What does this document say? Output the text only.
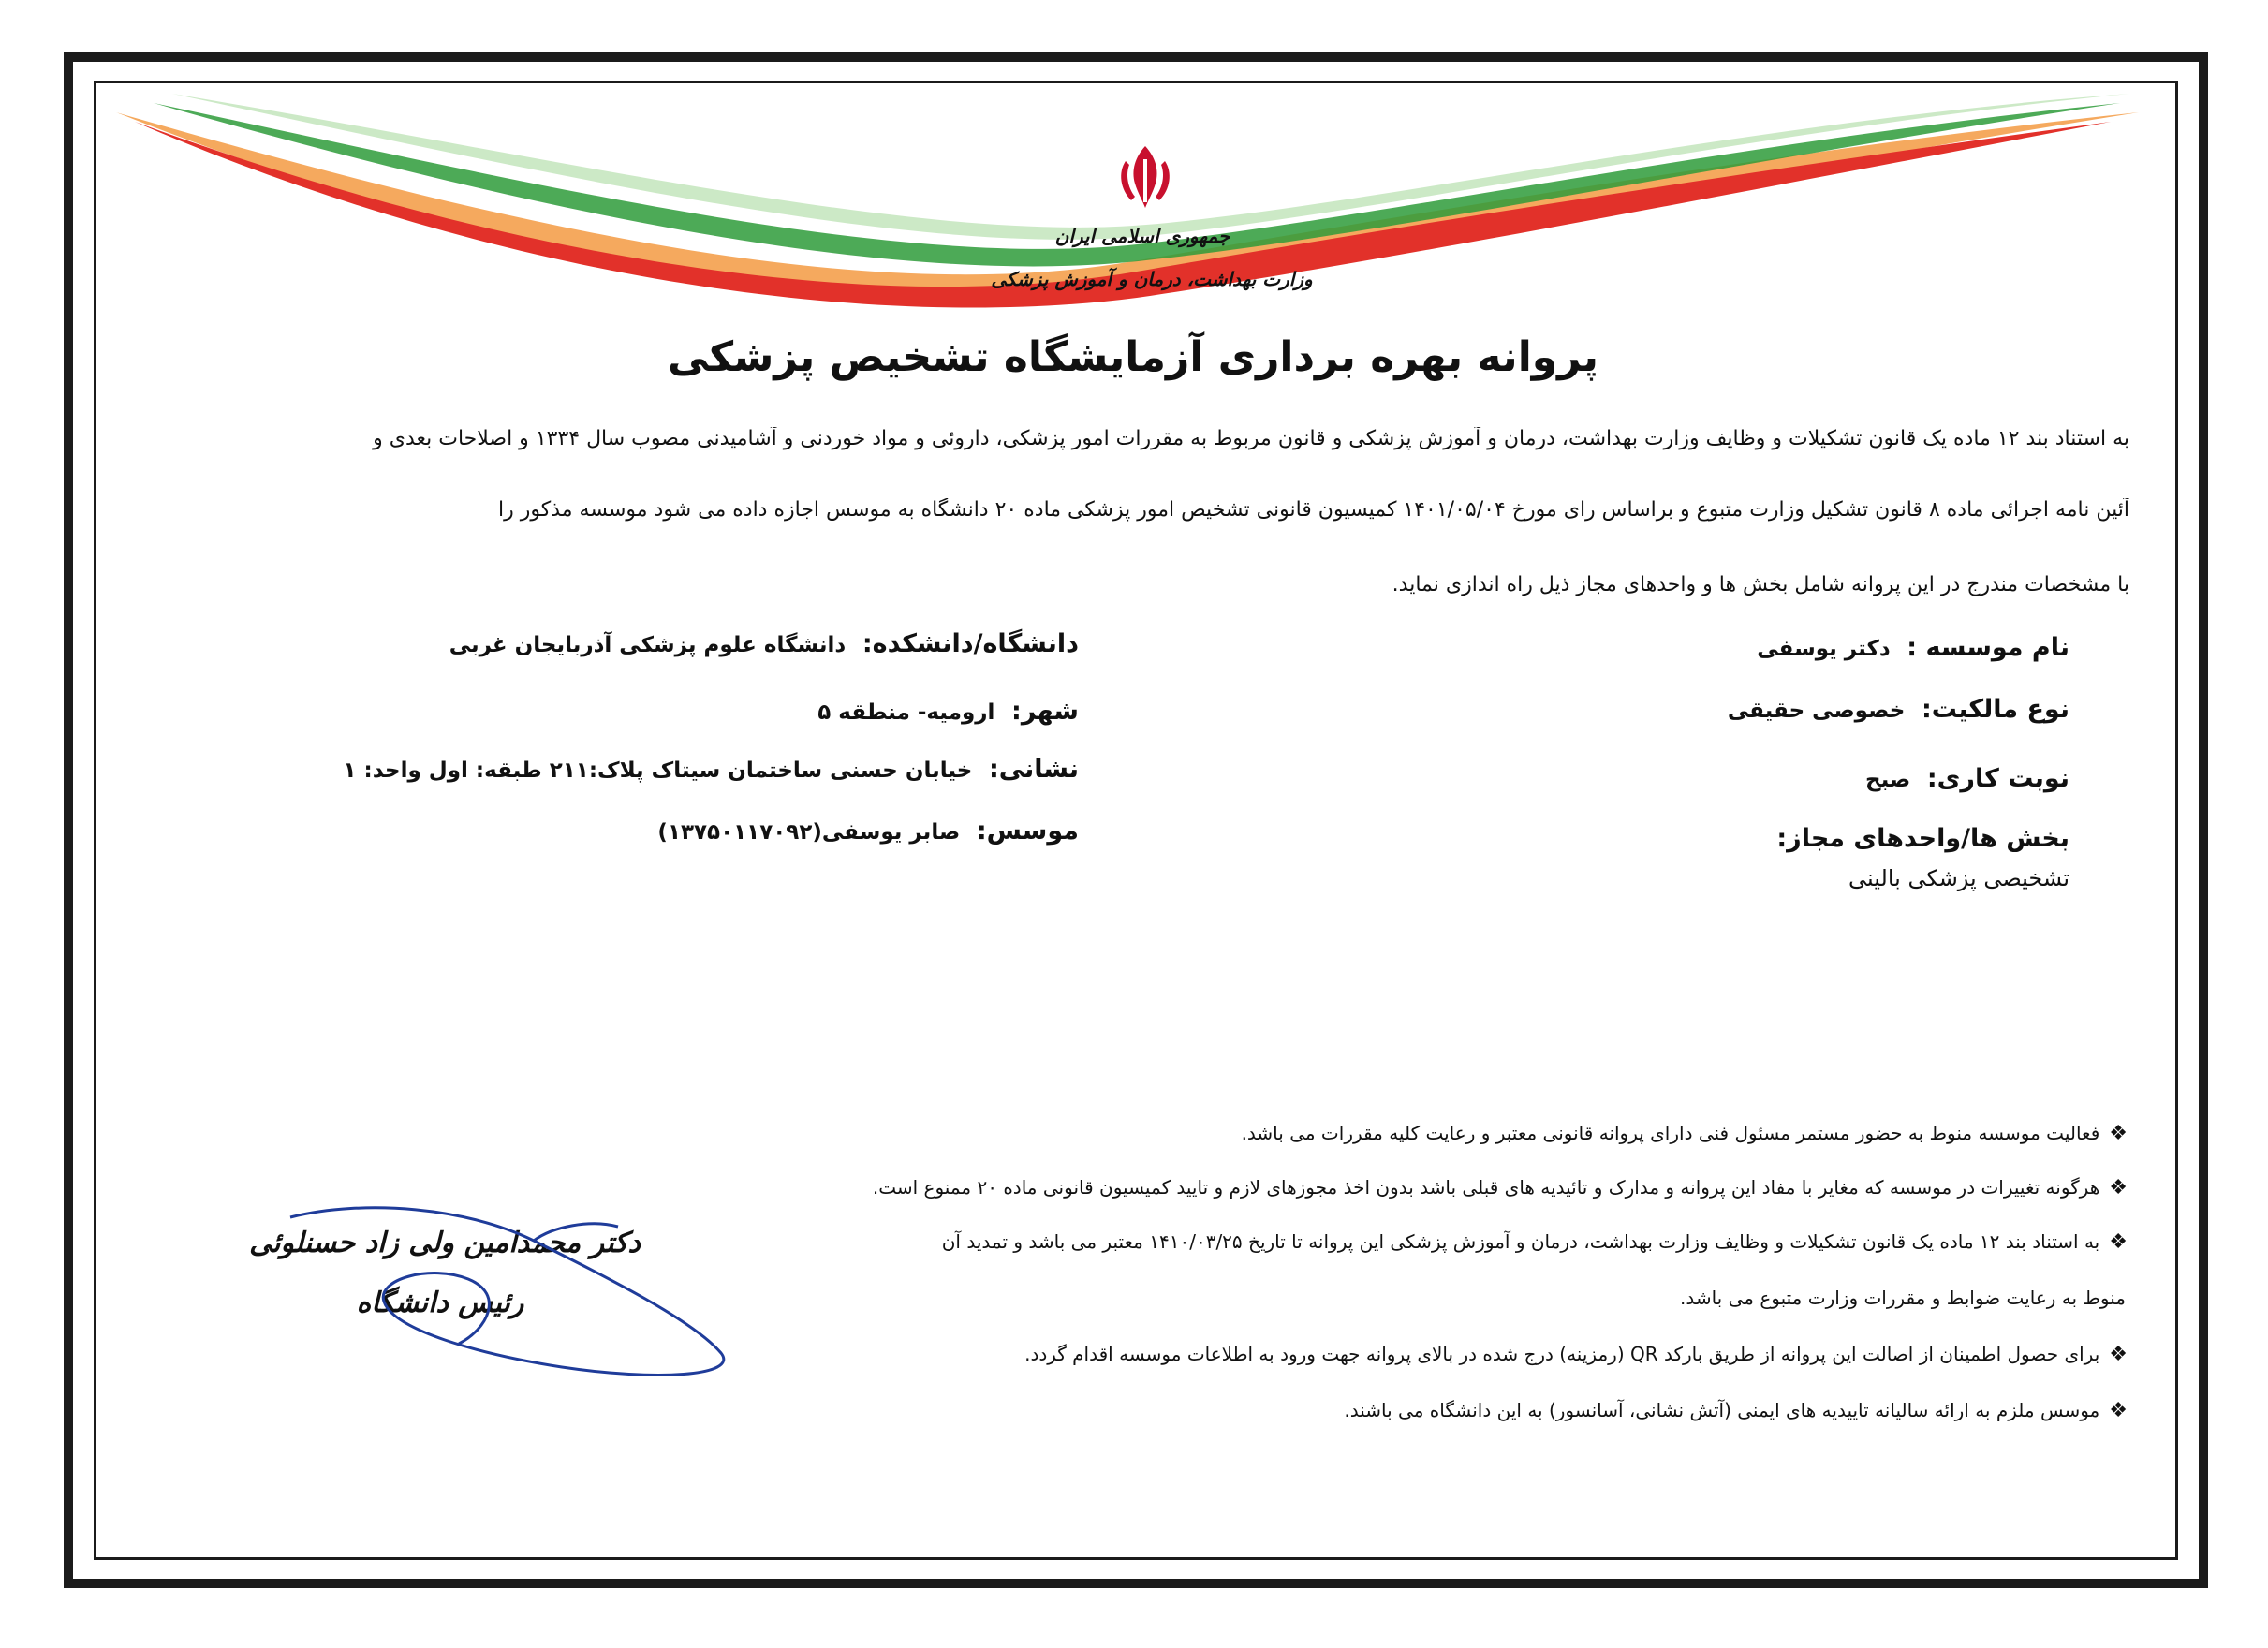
جمهوری اسلامی ایران
وزارت بهداشت، درمان و آموزش پزشکی
پروانه بهره برداری آزمایشگاه تشخیص پزشکی
به استناد بند ۱۲ ماده یک قانون تشکیلات و وظایف وزارت بهداشت، درمان و آموزش پزشکی و قانون مربوط به مقررات امور پزشکی، داروئی و مواد خوردنی و آشامیدنی مصوب سال ۱۳۳۴ و اصلاحات بعدی و
آئین نامه اجرائی ماده ۸ قانون تشکیل وزارت متبوع و براساس رای مورخ ۱۴۰۱/۰۵/۰۴ کمیسیون قانونی تشخیص امور پزشکی ماده ۲۰ دانشگاه به موسس اجازه داده می شود موسسه مذکور را
با مشخصات مندرج در این پروانه شامل بخش ها و واحدهای مجاز ذیل راه اندازی نماید.
نام موسسه : دکتر یوسفی
نوع مالکیت: خصوصی حقیقی
نوبت کاری: صبح
بخش ها/واحدهای مجاز:
تشخیصی پزشکی بالینی
دانشگاه/دانشکده: دانشگاه علوم پزشکی آذربایجان غربی
شهر: ارومیه- منطقه ۵
نشانی: خیابان حسنی ساختمان سیتاک پلاک:۲۱۱ طبقه: اول واحد: ۱
موسس: صابر یوسفی(۱۳۷۵۰۱۱۷۰۹۲)
❖فعالیت موسسه منوط به حضور مستمر مسئول فنی دارای پروانه قانونی معتبر و رعایت کلیه مقررات می باشد.
❖هرگونه تغییرات در موسسه که مغایر با مفاد این پروانه و مدارک و تائیدیه های قبلی باشد بدون اخذ مجوزهای لازم و تایید کمیسیون قانونی ماده ۲۰ ممنوع است.
❖به استناد بند ۱۲ ماده یک قانون تشکیلات و وظایف وزارت بهداشت، درمان و آموزش پزشکی این پروانه تا تاریخ ۱۴۱۰/۰۳/۲۵ معتبر می باشد و تمدید آن
منوط به رعایت ضوابط و مقررات وزارت متبوع می باشد.
❖برای حصول اطمینان از اصالت این پروانه از طریق بارکد QR (رمزینه) درج شده در بالای پروانه جهت ورود به اطلاعات موسسه اقدام گردد.
❖موسس ملزم به ارائه سالیانه تاییدیه های ایمنی (آتش نشانی، آسانسور) به این دانشگاه می باشند.
دکتر محمدامین ولی زاد حسنلوئی
رئیس دانشگاه
